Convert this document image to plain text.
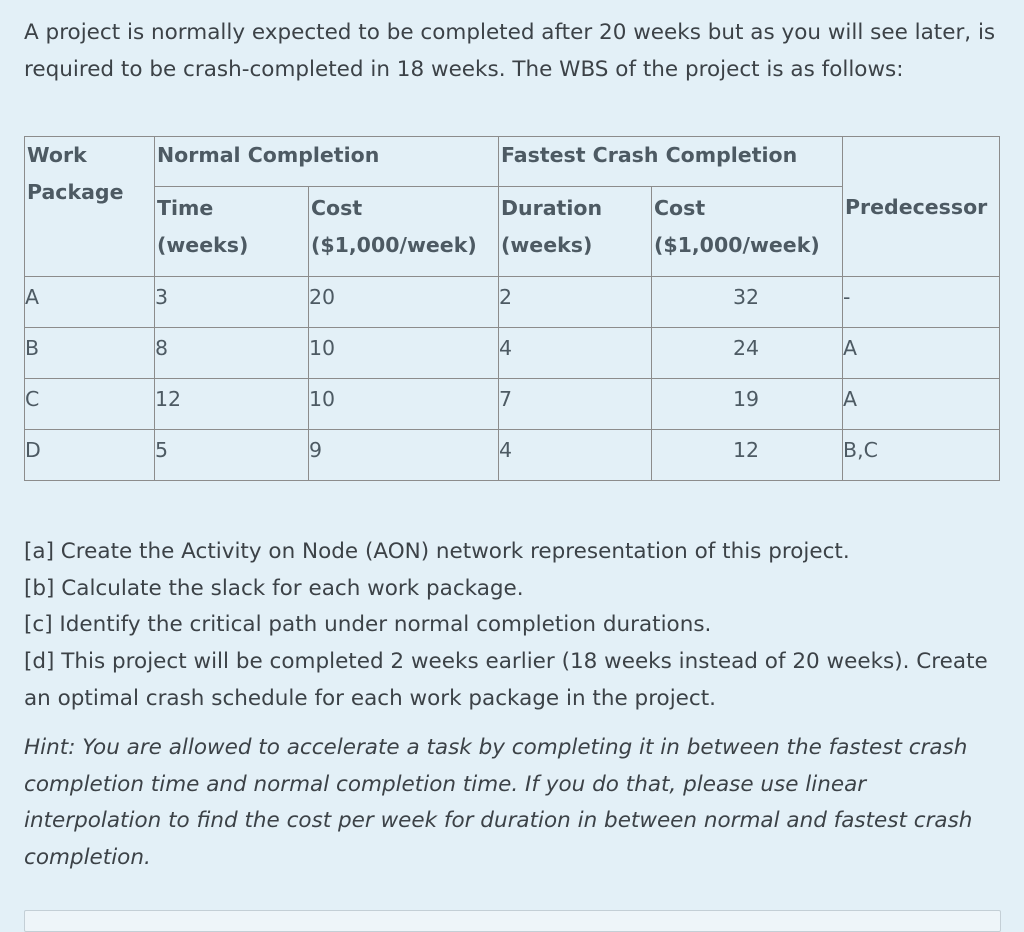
A project is normally expected to be completed after 20 weeks but as you will see later, is required to be crash-completed in 18 weeks. The WBS of the project is as follows:

Work Package	Normal Completion		Fastest Crash Completion		Predecessor
	Time (weeks)	Cost ($1,000/week)	Duration (weeks)	Cost ($1,000/week)	
A	3	20	2	32	-
B	8	10	4	24	A
C	12	10	7	19	A
D	5	9	4	12	B,C

[a] Create the Activity on Node (AON) network representation of this project.

[b] Calculate the slack for each work package.

[c] Identify the critical path under normal completion durations.

[d] This project will be completed 2 weeks earlier (18 weeks instead of 20 weeks). Create an optimal crash schedule for each work package in the project.

Hint: You are allowed to accelerate a task by completing it in between the fastest crash completion time and normal completion time. If you do that, please use linear interpolation to find the cost per week for duration in between normal and fastest crash completion.
